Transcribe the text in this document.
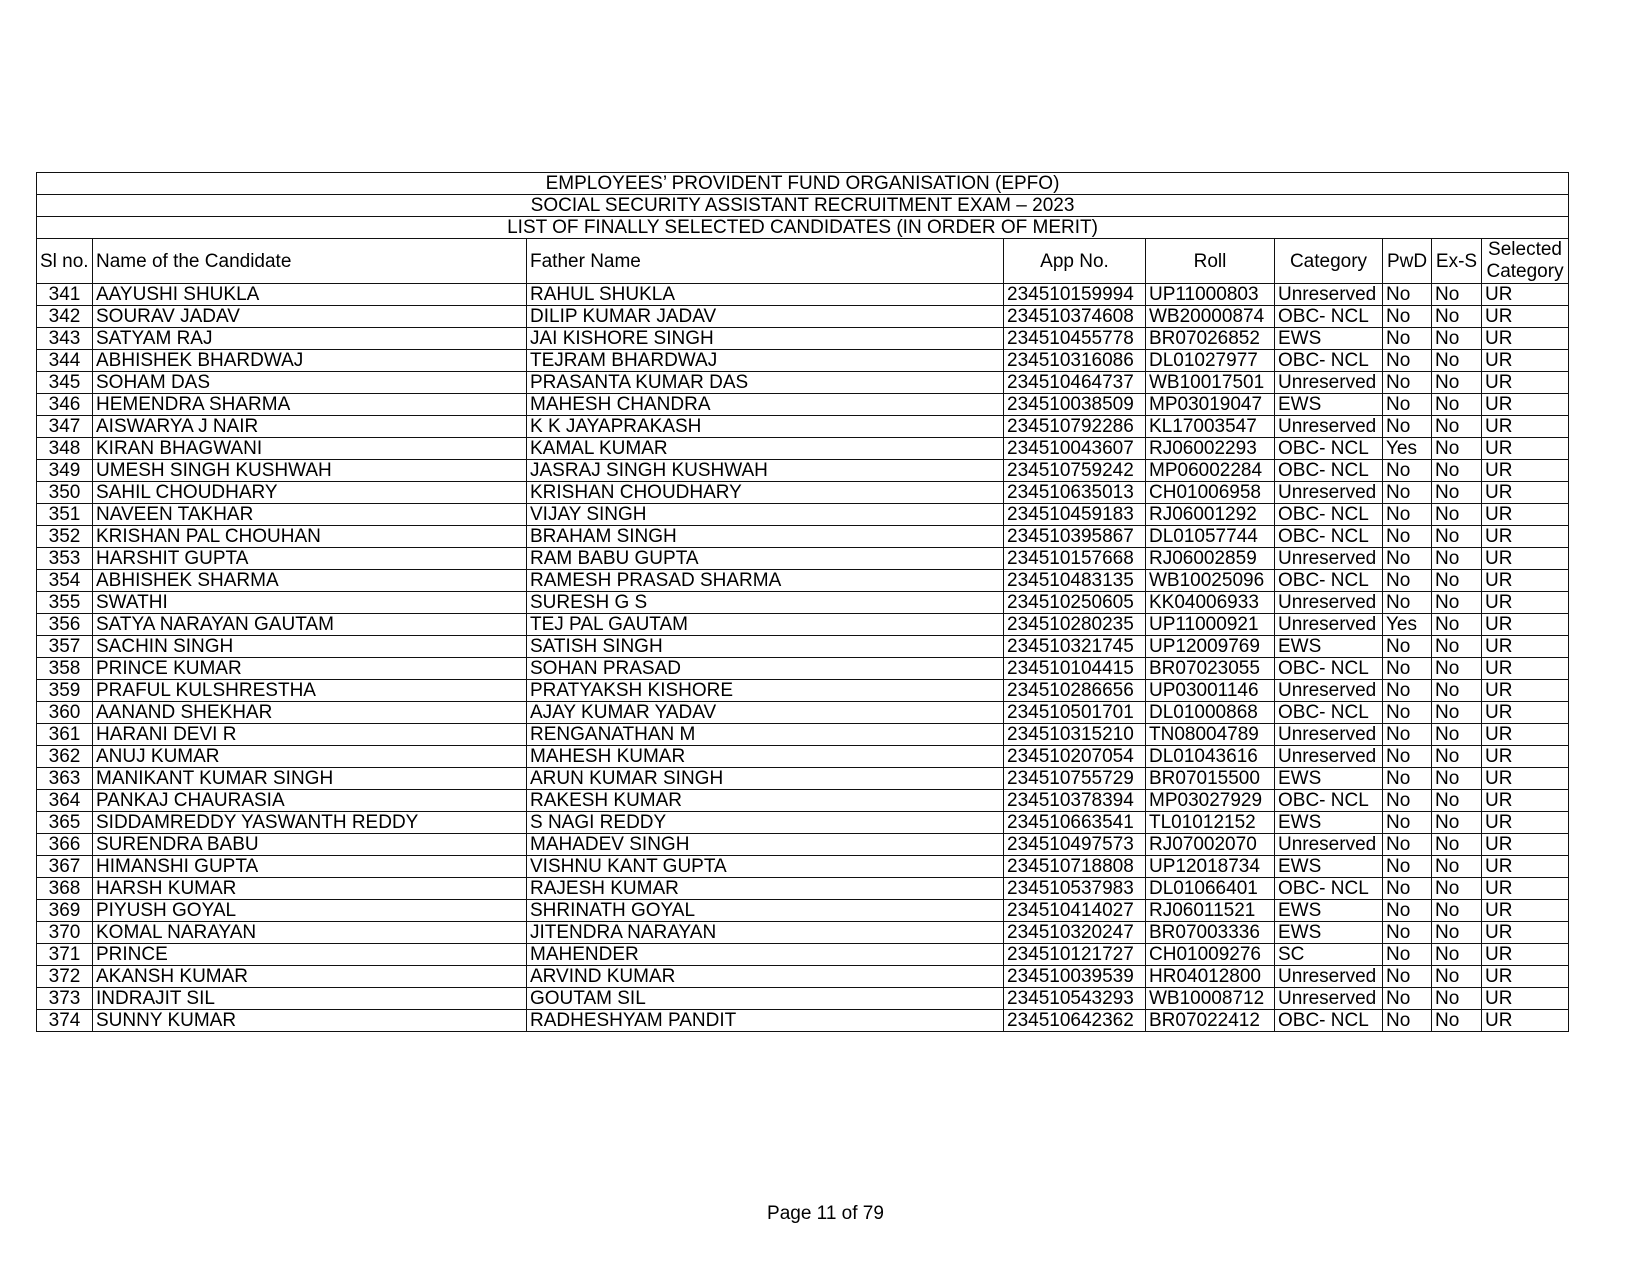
EMPLOYEES’ PROVIDENT FUND ORGANISATION (EPFO)								
SOCIAL SECURITY ASSISTANT RECRUITMENT EXAM – 2023								
LIST OF FINALLY SELECTED CANDIDATES (IN ORDER OF MERIT)								
Sl no.	Name of the Candidate	Father Name	App No.	Roll	Category	PwD	Ex-S	Selected
Category
341	AAYUSHI SHUKLA	RAHUL SHUKLA	234510159994	UP11000803	Unreserved	No	No	UR
342	SOURAV JADAV	DILIP KUMAR JADAV	234510374608	WB20000874	OBC- NCL	No	No	UR
343	SATYAM RAJ	JAI KISHORE SINGH	234510455778	BR07026852	EWS	No	No	UR
344	ABHISHEK BHARDWAJ	TEJRAM BHARDWAJ	234510316086	DL01027977	OBC- NCL	No	No	UR
345	SOHAM DAS	PRASANTA KUMAR DAS	234510464737	WB10017501	Unreserved	No	No	UR
346	HEMENDRA SHARMA	MAHESH CHANDRA	234510038509	MP03019047	EWS	No	No	UR
347	AISWARYA J NAIR	K K JAYAPRAKASH	234510792286	KL17003547	Unreserved	No	No	UR
348	KIRAN BHAGWANI	KAMAL KUMAR	234510043607	RJ06002293	OBC- NCL	Yes	No	UR
349	UMESH SINGH KUSHWAH	JASRAJ SINGH KUSHWAH	234510759242	MP06002284	OBC- NCL	No	No	UR
350	SAHIL CHOUDHARY	KRISHAN CHOUDHARY	234510635013	CH01006958	Unreserved	No	No	UR
351	NAVEEN TAKHAR	VIJAY SINGH	234510459183	RJ06001292	OBC- NCL	No	No	UR
352	KRISHAN PAL CHOUHAN	BRAHAM SINGH	234510395867	DL01057744	OBC- NCL	No	No	UR
353	HARSHIT GUPTA	RAM BABU GUPTA	234510157668	RJ06002859	Unreserved	No	No	UR
354	ABHISHEK SHARMA	RAMESH PRASAD SHARMA	234510483135	WB10025096	OBC- NCL	No	No	UR
355	SWATHI	SURESH G S	234510250605	KK04006933	Unreserved	No	No	UR
356	SATYA NARAYAN GAUTAM	TEJ PAL GAUTAM	234510280235	UP11000921	Unreserved	Yes	No	UR
357	SACHIN SINGH	SATISH SINGH	234510321745	UP12009769	EWS	No	No	UR
358	PRINCE KUMAR	SOHAN PRASAD	234510104415	BR07023055	OBC- NCL	No	No	UR
359	PRAFUL KULSHRESTHA	PRATYAKSH KISHORE	234510286656	UP03001146	Unreserved	No	No	UR
360	AANAND SHEKHAR	AJAY KUMAR YADAV	234510501701	DL01000868	OBC- NCL	No	No	UR
361	HARANI DEVI R	RENGANATHAN M	234510315210	TN08004789	Unreserved	No	No	UR
362	ANUJ KUMAR	MAHESH KUMAR	234510207054	DL01043616	Unreserved	No	No	UR
363	MANIKANT KUMAR SINGH	ARUN KUMAR SINGH	234510755729	BR07015500	EWS	No	No	UR
364	PANKAJ CHAURASIA	RAKESH KUMAR	234510378394	MP03027929	OBC- NCL	No	No	UR
365	SIDDAMREDDY YASWANTH REDDY	S NAGI REDDY	234510663541	TL01012152	EWS	No	No	UR
366	SURENDRA BABU	MAHADEV SINGH	234510497573	RJ07002070	Unreserved	No	No	UR
367	HIMANSHI GUPTA	VISHNU KANT GUPTA	234510718808	UP12018734	EWS	No	No	UR
368	HARSH KUMAR	RAJESH KUMAR	234510537983	DL01066401	OBC- NCL	No	No	UR
369	PIYUSH GOYAL	SHRINATH GOYAL	234510414027	RJ06011521	EWS	No	No	UR
370	KOMAL NARAYAN	JITENDRA NARAYAN	234510320247	BR07003336	EWS	No	No	UR
371	PRINCE	MAHENDER	234510121727	CH01009276	SC	No	No	UR
372	AKANSH KUMAR	ARVIND KUMAR	234510039539	HR04012800	Unreserved	No	No	UR
373	INDRAJIT SIL	GOUTAM SIL	234510543293	WB10008712	Unreserved	No	No	UR
374	SUNNY KUMAR	RADHESHYAM PANDIT	234510642362	BR07022412	OBC- NCL	No	No	UR
Page 11 of 79
